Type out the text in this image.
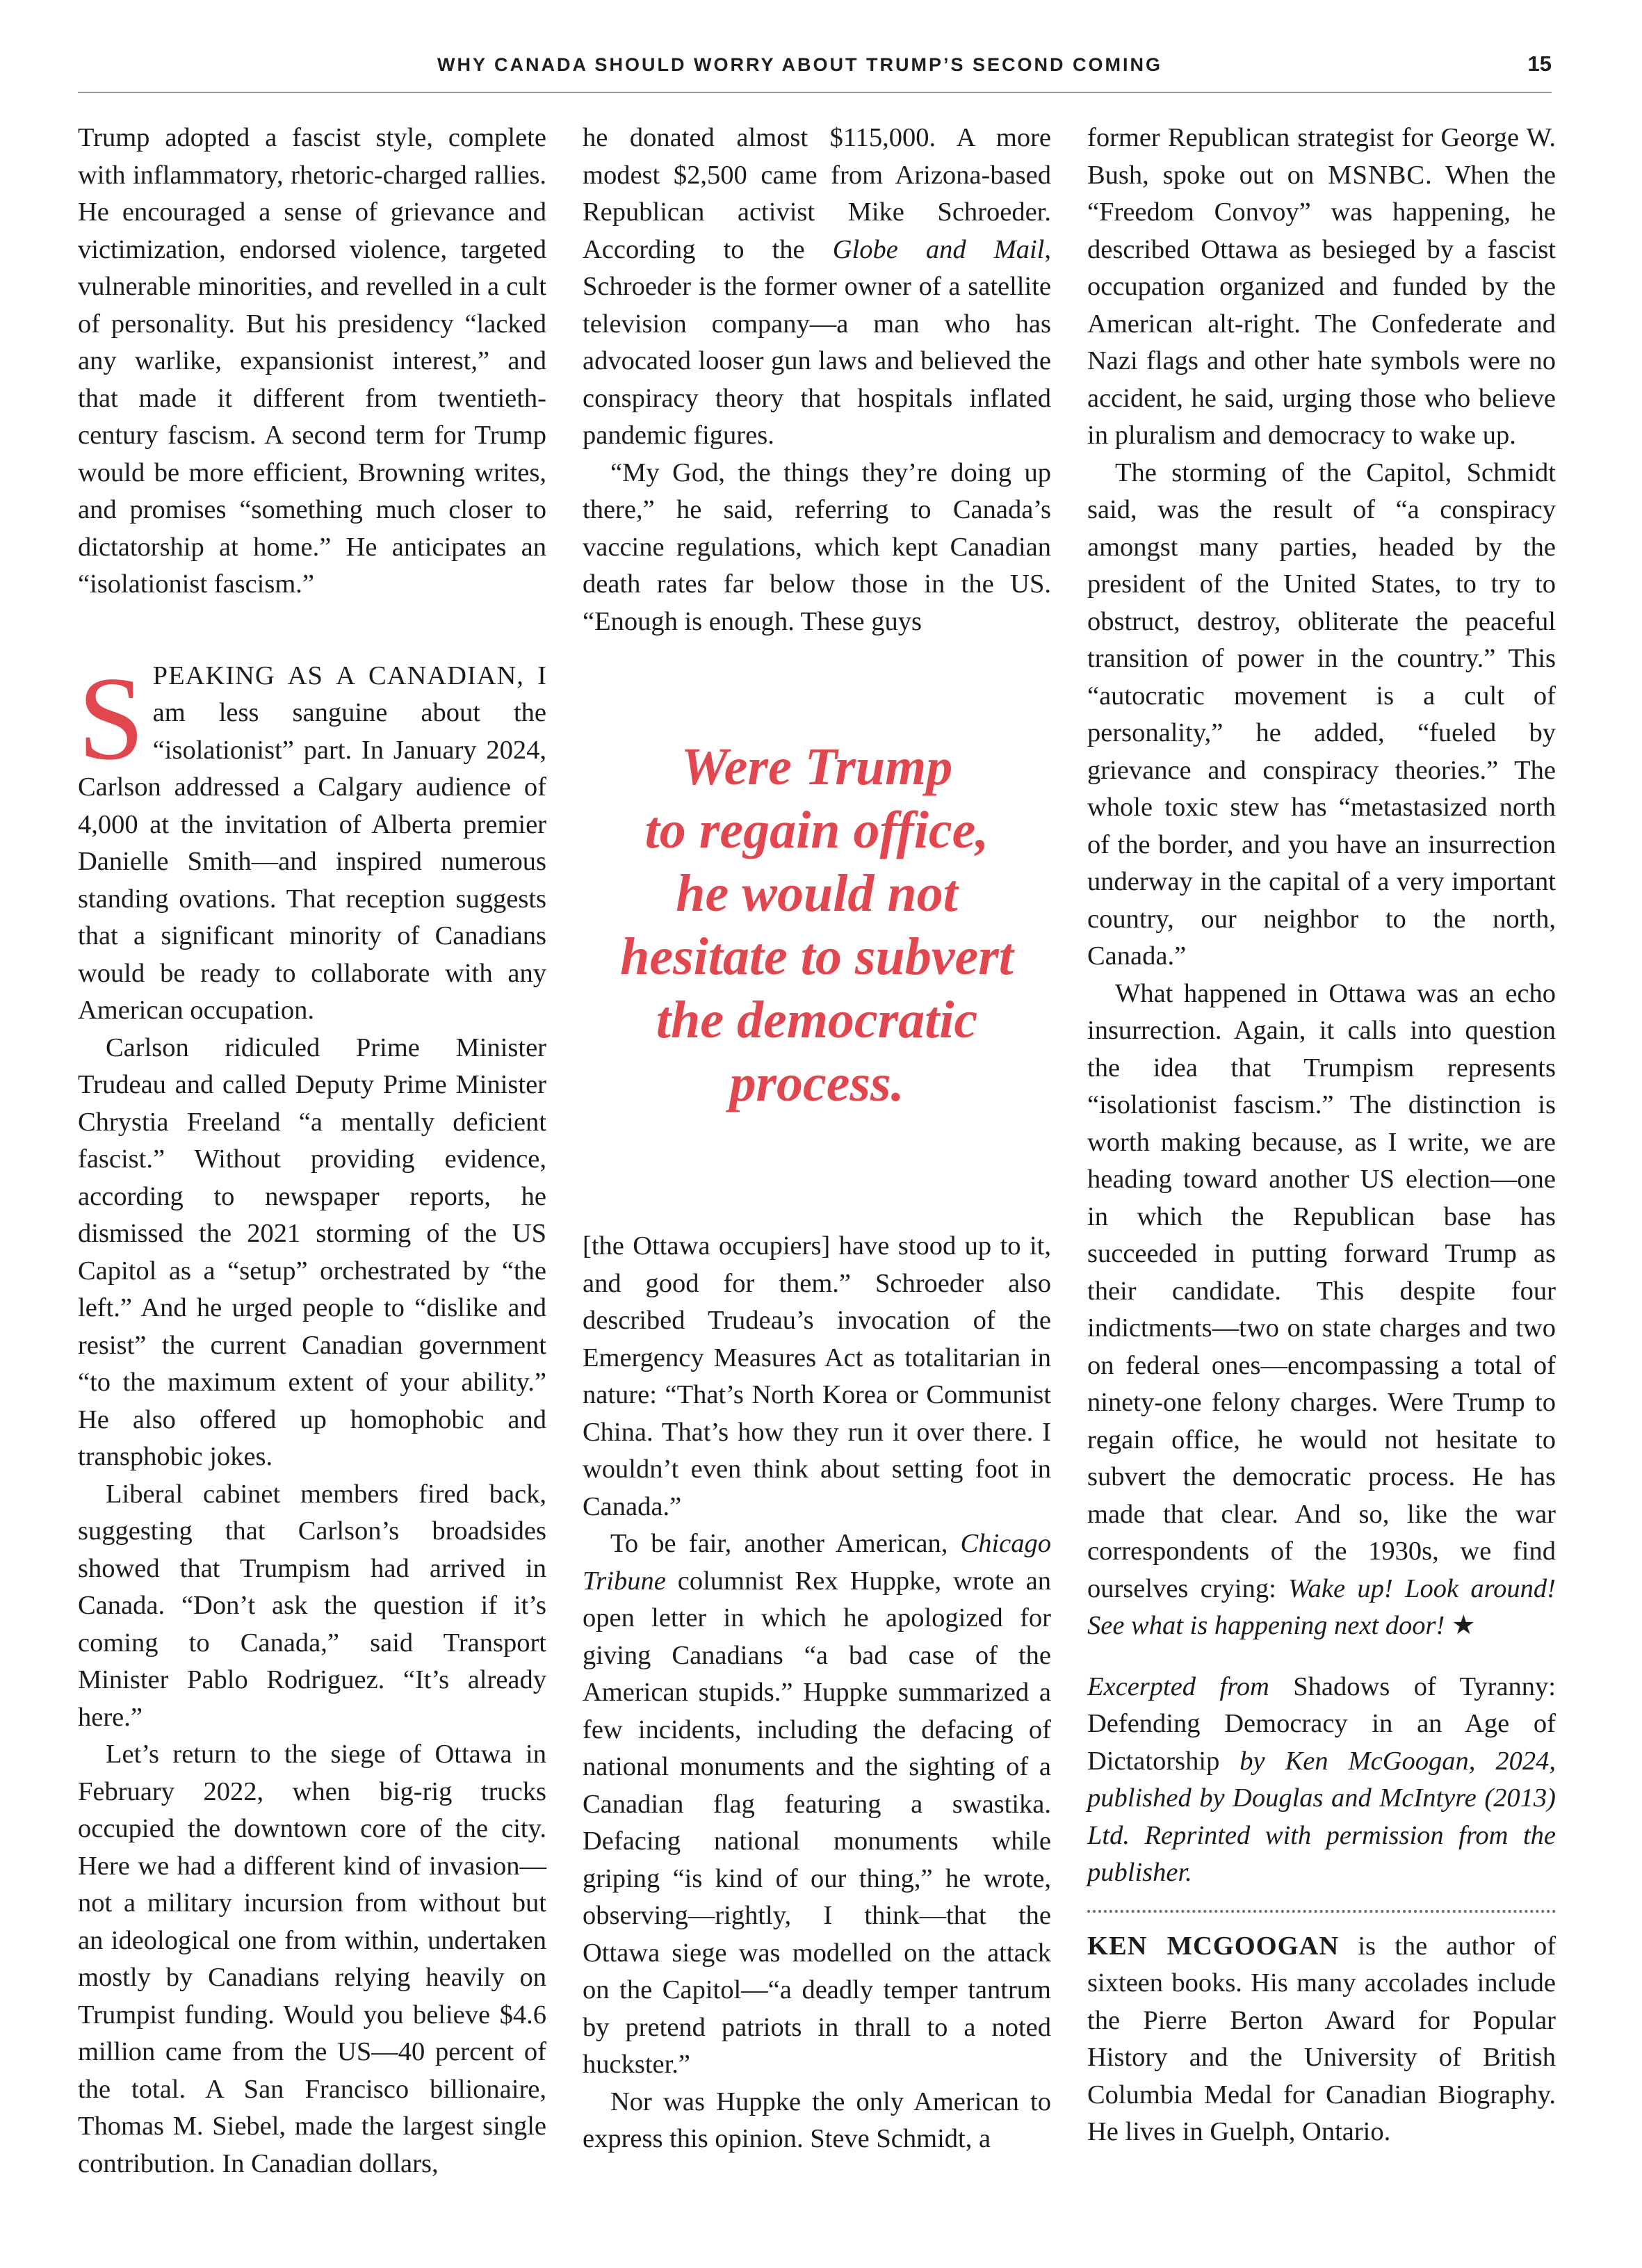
WHY CANADA SHOULD WORRY ABOUT TRUMP’S SECOND COMING	15

Trump adopted a fascist style, complete with inflammatory, rhetoric-charged rallies. He encouraged a sense of grievance and victimization, endorsed violence, targeted vulnerable minorities, and revelled in a cult of personality. But his presidency “lacked any warlike, expansionist interest,” and that made it different from twentieth-century fascism. A second term for Trump would be more efficient, Browning writes, and promises “something much closer to dictatorship at home.” He anticipates an “isolationist fascism.”

SPEAKING AS A CANADIAN, I am less sanguine about the “isolationist” part. In January 2024, Carlson addressed a Calgary audience of 4,000 at the invitation of Alberta premier Danielle Smith—and inspired numerous standing ovations. That reception suggests that a significant minority of Canadians would be ready to collaborate with any American occupation.

Carlson ridiculed Prime Minister Trudeau and called Deputy Prime Minister Chrystia Freeland “a mentally deficient fascist.” Without providing evidence, according to newspaper reports, he dismissed the 2021 storming of the US Capitol as a “setup” orchestrated by “the left.” And he urged people to “dislike and resist” the current Canadian government “to the maximum extent of your ability.” He also offered up homophobic and transphobic jokes.

Liberal cabinet members fired back, suggesting that Carlson’s broadsides showed that Trumpism had arrived in Canada. “Don’t ask the question if it’s coming to Canada,” said Transport Minister Pablo Rodriguez. “It’s already here.”

Let’s return to the siege of Ottawa in February 2022, when big-rig trucks occupied the downtown core of the city. Here we had a different kind of invasion—not a military incursion from without but an ideological one from within, undertaken mostly by Canadians relying heavily on Trumpist funding. Would you believe $4.6 million came from the US—40 percent of the total. A San Francisco billionaire, Thomas M. Siebel, made the largest single contribution. In Canadian dollars,

he donated almost $115,000. A more modest $2,500 came from Arizona-based Republican activist Mike Schroeder. According to the Globe and Mail, Schroeder is the former owner of a satellite television company—a man who has advocated looser gun laws and believed the conspiracy theory that hospitals inflated pandemic figures.

“My God, the things they’re doing up there,” he said, referring to Canada’s vaccine regulations, which kept Canadian death rates far below those in the US. “Enough is enough. These guys

Were Trump
to regain office,
he would not
hesitate to subvert
the democratic
process.

[the Ottawa occupiers] have stood up to it, and good for them.” Schroeder also described Trudeau’s invocation of the Emergency Measures Act as totalitarian in nature: “That’s North Korea or Communist China. That’s how they run it over there. I wouldn’t even think about setting foot in Canada.”

To be fair, another American, Chicago Tribune columnist Rex Huppke, wrote an open letter in which he apologized for giving Canadians “a bad case of the American stupids.” Huppke summarized a few incidents, including the defacing of national monuments and the sighting of a Canadian flag featuring a swastika. Defacing national monuments while griping “is kind of our thing,” he wrote, observing—rightly, I think—that the Ottawa siege was modelled on the attack on the Capitol—“a deadly temper tantrum by pretend patriots in thrall to a noted huckster.”

Nor was Huppke the only American to express this opinion. Steve Schmidt, a

former Republican strategist for George W. Bush, spoke out on MSNBC. When the “Freedom Convoy” was happening, he described Ottawa as besieged by a fascist occupation organized and funded by the American alt-right. The Confederate and Nazi flags and other hate symbols were no accident, he said, urging those who believe in pluralism and democracy to wake up.

The storming of the Capitol, Schmidt said, was the result of “a conspiracy amongst many parties, headed by the president of the United States, to try to obstruct, destroy, obliterate the peaceful transition of power in the country.” This “autocratic movement is a cult of personality,” he added, “fueled by grievance and conspiracy theories.” The whole toxic stew has “metastasized north of the border, and you have an insurrection underway in the capital of a very important country, our neighbor to the north, Canada.”

What happened in Ottawa was an echo insurrection. Again, it calls into question the idea that Trumpism represents “isolationist fascism.” The distinction is worth making because, as I write, we are heading toward another US election—one in which the Republican base has succeeded in putting forward Trump as their candidate. This despite four indictments—two on state charges and two on federal ones—encompassing a total of ninety-one felony charges. Were Trump to regain office, he would not hesitate to subvert the democratic process. He has made that clear. And so, like the war correspondents of the 1930s, we find ourselves crying: Wake up! Look around! See what is happening next door! ★

Excerpted from Shadows of Tyranny: Defending Democracy in an Age of Dictatorship by Ken McGoogan, 2024, published by Douglas and McIntyre (2013) Ltd. Reprinted with permission from the publisher.

KEN MCGOOGAN is the author of sixteen books. His many accolades include the Pierre Berton Award for Popular History and the University of British Columbia Medal for Canadian Biography. He lives in Guelph, Ontario.
